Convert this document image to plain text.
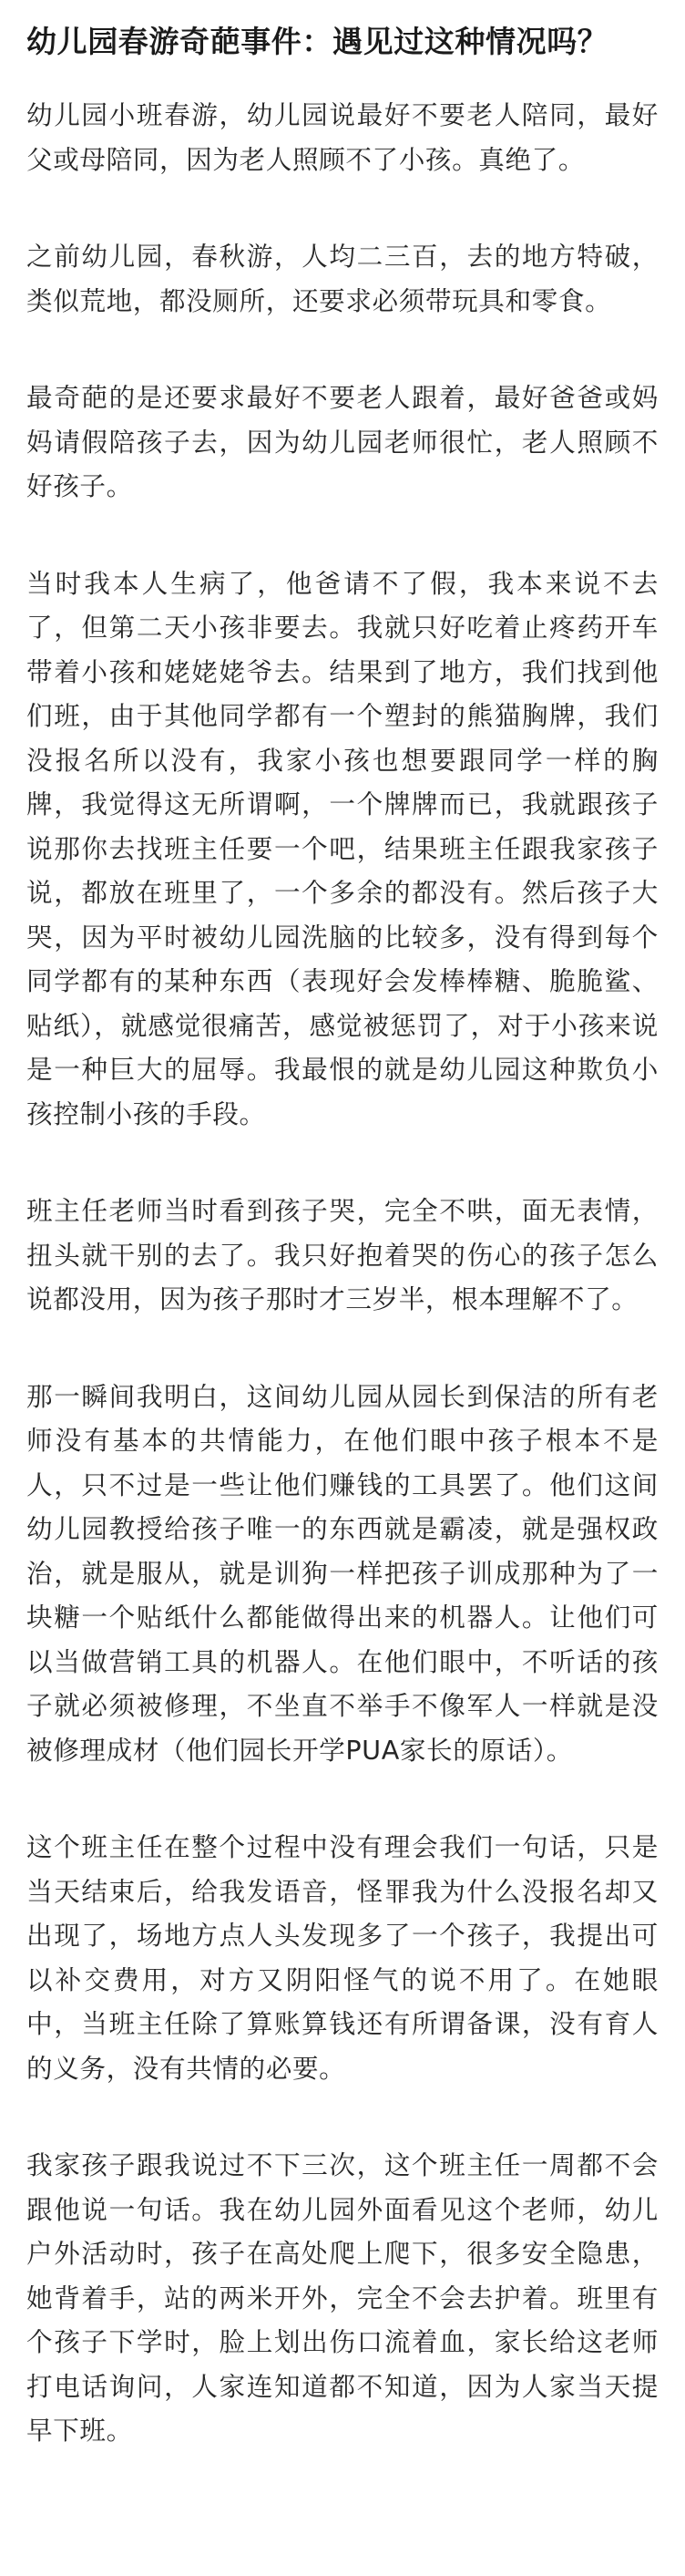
幼儿园春游奇葩事件：遇见过这种情况吗？

幼儿园小班春游，幼儿园说最好不要老人陪同，最好父或母陪同，因为老人照顾不了小孩。真绝了。

之前幼儿园，春秋游，人均二三百，去的地方特破，类似荒地，都没厕所，还要求必须带玩具和零食。

最奇葩的是还要求最好不要老人跟着，最好爸爸或妈妈请假陪孩子去，因为幼儿园老师很忙，老人照顾不好孩子。

当时我本人生病了，他爸请不了假，我本来说不去了，但第二天小孩非要去。我就只好吃着止疼药开车带着小孩和姥姥姥爷去。结果到了地方，我们找到他们班，由于其他同学都有一个塑封的熊猫胸牌，我们没报名所以没有，我家小孩也想要跟同学一样的胸牌，我觉得这无所谓啊，一个牌牌而已，我就跟孩子说那你去找班主任要一个吧，结果班主任跟我家孩子说，都放在班里了，一个多余的都没有。然后孩子大哭，因为平时被幼儿园洗脑的比较多，没有得到每个同学都有的某种东西（表现好会发棒棒糖、脆脆鲨、贴纸），就感觉很痛苦，感觉被惩罚了，对于小孩来说是一种巨大的屈辱。我最恨的就是幼儿园这种欺负小孩控制小孩的手段。

班主任老师当时看到孩子哭，完全不哄，面无表情，扭头就干别的去了。我只好抱着哭的伤心的孩子怎么说都没用，因为孩子那时才三岁半，根本理解不了。

那一瞬间我明白，这间幼儿园从园长到保洁的所有老师没有基本的共情能力，在他们眼中孩子根本不是人，只不过是一些让他们赚钱的工具罢了。他们这间幼儿园教授给孩子唯一的东西就是霸凌，就是强权政治，就是服从，就是训狗一样把孩子训成那种为了一块糖一个贴纸什么都能做得出来的机器人。让他们可以当做营销工具的机器人。在他们眼中，不听话的孩子就必须被修理，不坐直不举手不像军人一样就是没被修理成材（他们园长开学PUA家长的原话）。

这个班主任在整个过程中没有理会我们一句话，只是当天结束后，给我发语音，怪罪我为什么没报名却又出现了，场地方点人头发现多了一个孩子，我提出可以补交费用，对方又阴阳怪气的说不用了。在她眼中，当班主任除了算账算钱还有所谓备课，没有育人的义务，没有共情的必要。

我家孩子跟我说过不下三次，这个班主任一周都不会跟他说一句话。我在幼儿园外面看见这个老师，幼儿户外活动时，孩子在高处爬上爬下，很多安全隐患，她背着手，站的两米开外，完全不会去护着。班里有个孩子下学时，脸上划出伤口流着血，家长给这老师打电话询问，人家连知道都不知道，因为人家当天提早下班。
